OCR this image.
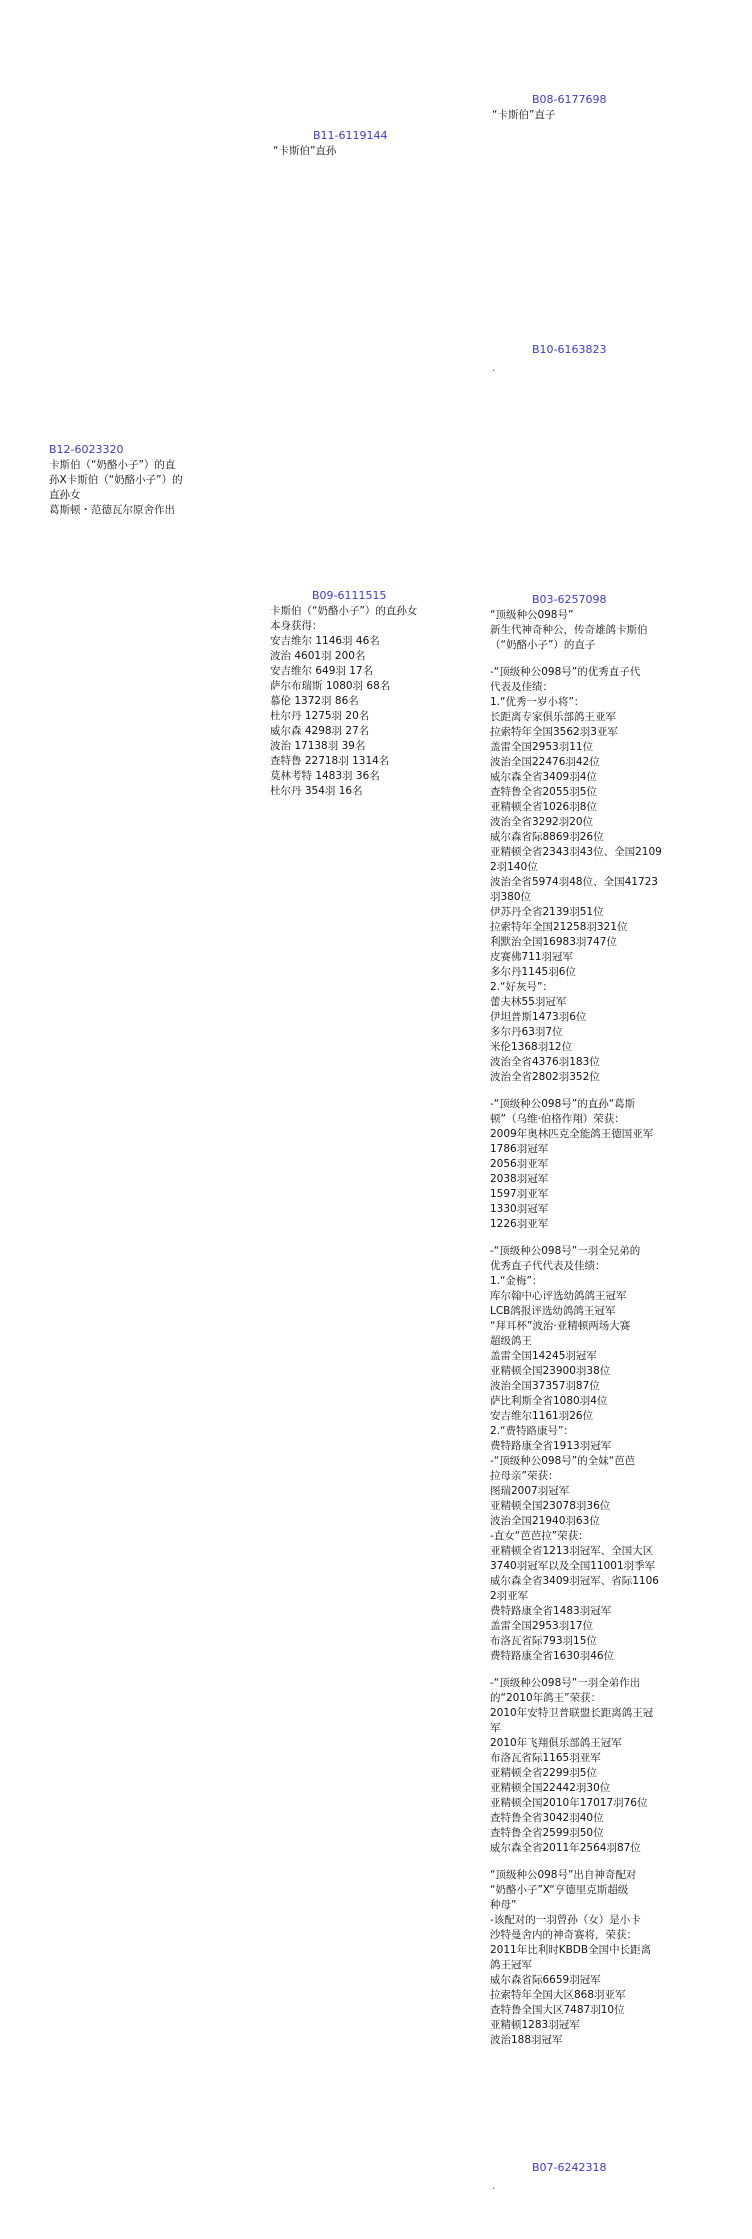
B08-6177698
“卡斯伯”直子
B11-6119144
“卡斯伯”直孙
B10-6163823
.
B12-6023320
卡斯伯（“奶酪小子”）的直
孙X卡斯伯（“奶酪小子”）的
直孙女
葛斯顿・范德瓦尔原舍作出
B09-6111515
卡斯伯（“奶酪小子”）的直孙女
本身获得：
安吉维尔 1146羽 46名
波治 4601羽 200名
安吉维尔 649羽 17名
萨尔布瑞斯 1080羽 68名
慕伦 1372羽 86名
杜尔丹 1275羽 20名
威尔森 4298羽 27名
波治 17138羽 39名
查特鲁 22718羽 1314名
莫林考特 1483羽 36名
杜尔丹 354羽 16名
B03-6257098
“顶级种公098号”
新生代神奇种公，传奇雄鸽卡斯伯
（“奶酪小子”）的直子
-“顶级种公098号”的优秀直子代
代表及佳绩：
1.“优秀一岁小将”：
长距离专家俱乐部鸽王亚军
拉索特年全国3562羽3亚军
盖雷全国2953羽11位
波治全国22476羽42位
威尔森全省3409羽4位
查特鲁全省2055羽5位
亚精顿全省1026羽8位
波治全省3292羽20位
威尔森省际8869羽26位
亚精顿全省2343羽43位、全国2109
2羽140位
波治全省5974羽48位、全国41723
羽380位
伊苏丹全省2139羽51位
拉索特年全国21258羽321位
利默治全国16983羽747位
皮赛佛711羽冠军
多尔丹1145羽6位
2.“好灰号”：
蕾夫林55羽冠军
伊坦普斯1473羽6位
多尔丹63羽7位
米伦1368羽12位
波治全省4376羽183位
波治全省2802羽352位
-“顶级种公098号”的直孙“葛斯
顿”（乌维·伯格作翔）荣获：
2009年奥林匹克全能鸽王德国亚军
1786羽冠军
2056羽亚军
2038羽冠军
1597羽亚军
1330羽冠军
1226羽亚军
-“顶级种公098号”一羽全兄弟的
优秀直子代代表及佳绩：
1.“金梅”：
库尔翰中心评选幼鸽鸽王冠军
LCB鸽报评选幼鸽鸽王冠军
“拜耳杯”波治·亚精顿两场大赛
超级鸽王
盖雷全国14245羽冠军
亚精顿全国23900羽38位
波治全国37357羽87位
萨比利斯全省1080羽4位
安吉维尔1161羽26位
2.“费特路康号”：
费特路康全省1913羽冠军
-“顶级种公098号”的全妹“芭芭
拉母亲”荣获：
图瑞2007羽冠军
亚精顿全国23078羽36位
波治全国21940羽63位
-直女“芭芭拉”荣获：
亚精顿全省1213羽冠军、全国大区
3740羽冠军以及全国11001羽季军
威尔森全省3409羽冠军、省际1106
2羽亚军
费特路康全省1483羽冠军
盖雷全国2953羽17位
布洛瓦省际793羽15位
费特路康全省1630羽46位
-“顶级种公098号”一羽全弟作出
的“2010年鸽王”荣获：
2010年安特卫普联盟长距离鸽王冠
军
2010年飞翔俱乐部鸽王冠军
布洛瓦省际1165羽亚军
亚精顿全省2299羽5位
亚精顿全国22442羽30位
亚精顿全国2010年17017羽76位
查特鲁全省3042羽40位
查特鲁全省2599羽50位
威尔森全省2011年2564羽87位
“顶级种公098号”出自神奇配对
“奶酪小子”X“亨德里克斯超级
种母”
-该配对的一羽曾孙（女）是小卡
沙特曼舍内的神奇赛将，荣获：
2011年比利时KBDB全国中长距离
鸽王冠军
威尔森省际6659羽冠军
拉索特年全国大区868羽亚军
查特鲁全国大区7487羽10位
亚精顿1283羽冠军
波治188羽冠军
B07-6242318
.
